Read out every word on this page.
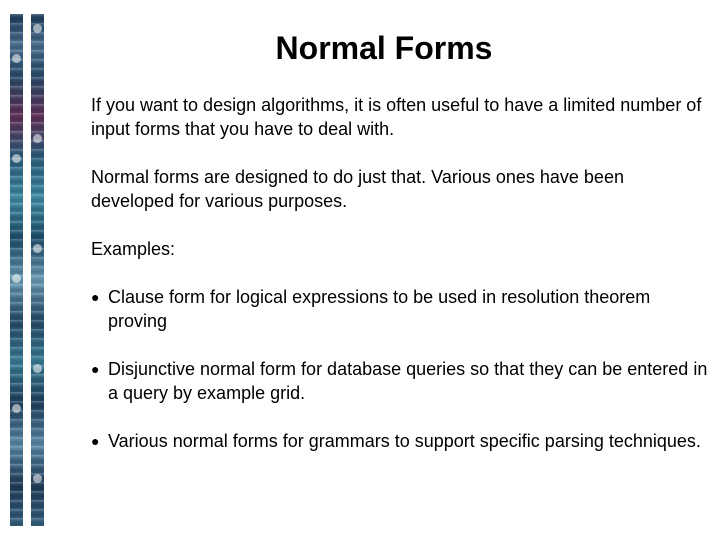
Normal Forms

If you want to design algorithms, it is often useful to have a limited number of input forms that you have to deal with.

Normal forms are designed to do just that. Various ones have been developed for various purposes.

Examples:

● Clause form for logical expressions to be used in resolution theorem proving
● Disjunctive normal form for database queries so that they can be entered in a query by example grid.
● Various normal forms for grammars to support specific parsing techniques.
